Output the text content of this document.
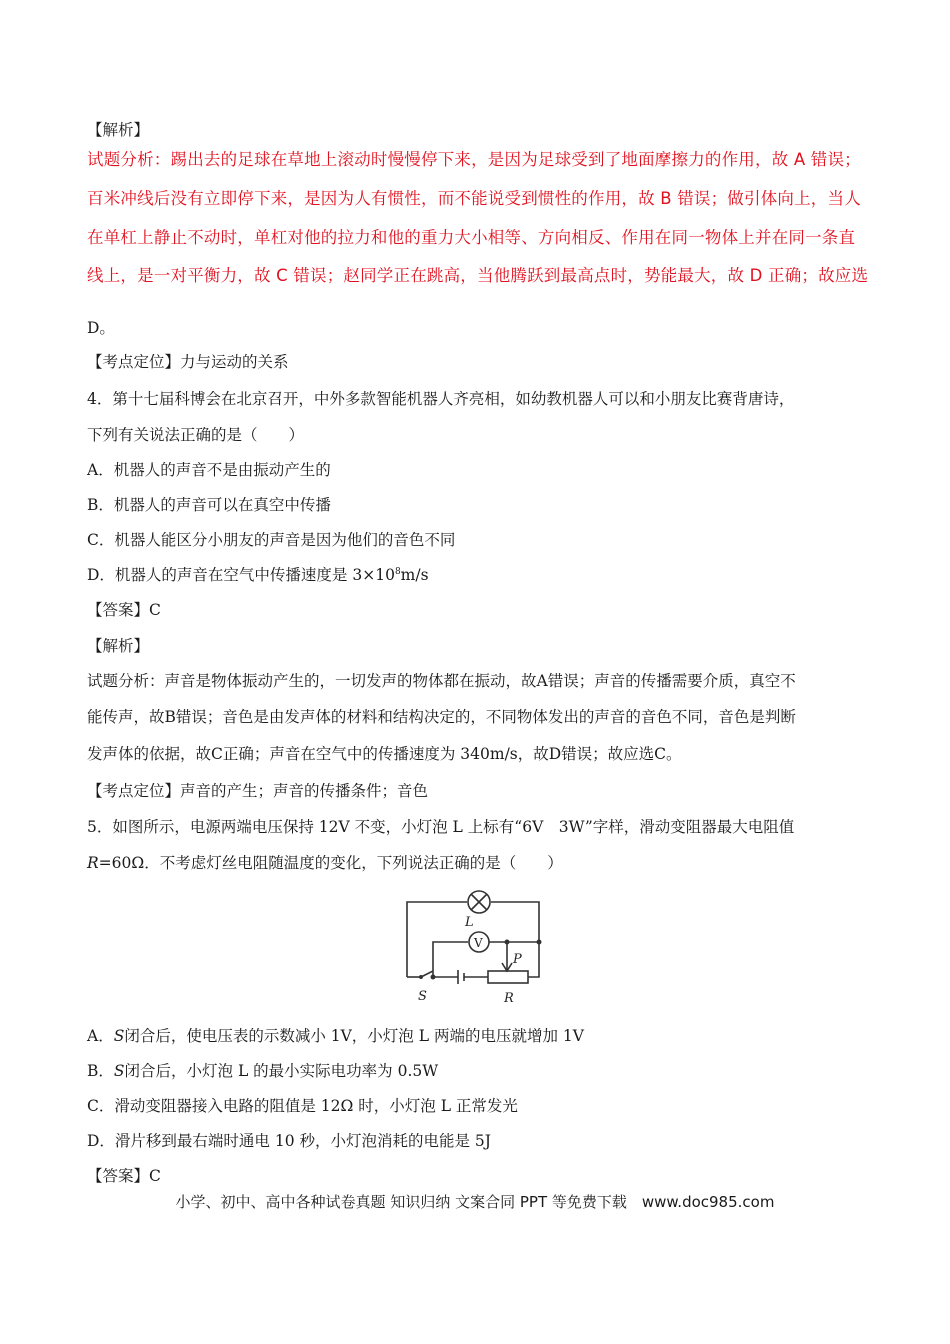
【解析】
试题分析：踢出去的足球在草地上滚动时慢慢停下来，是因为足球受到了地面摩擦力的作用，故 A 错误；
百米冲线后没有立即停下来，是因为人有惯性，而不能说受到惯性的作用，故 B 错误；做引体向上，当人
在单杠上静止不动时，单杠对他的拉力和他的重力大小相等、方向相反、作用在同一物体上并在同一条直
线上，是一对平衡力，故 C 错误；赵同学正在跳高，当他腾跃到最高点时，势能最大，故 D 正确；故应选
D。
【考点定位】力与运动的关系
4．第十七届科博会在北京召开，中外多款智能机器人齐亮相，如幼教机器人可以和小朋友比赛背唐诗，
下列有关说法正确的是（　　）
A．机器人的声音不是由振动产生的
B．机器人的声音可以在真空中传播
C．机器人能区分小朋友的声音是因为他们的音色不同
D．机器人的声音在空气中传播速度是 $3\times 10^8m/s$
【答案】C
【解析】
试题分析：声音是物体振动产生的，一切发声的物体都在振动，故A错误；声音的传播需要介质，真空不
能传声，故B错误；音色是由发声体的材料和结构决定的，不同物体发出的声音的音色不同，音色是判断
发声体的依据，故C正确；声音在空气中的传播速度为 340m/s，故D错误；故应选C。
【考点定位】声音的产生；声音的传播条件；音色
5．如图所示，电源两端电压保持 12V 不变，小灯泡 L 上标有“6V　3W”字样，滑动变阻器最大电阻值
R=60Ω．不考虑灯丝电阻随温度的变化，下列说法正确的是（　　）
L
V
P
S	R
A．S闭合后，使电压表的示数减小 1V，小灯泡 L 两端的电压就增加 1V
B．S闭合后，小灯泡 L 的最小实际电功率为 0.5W
C．滑动变阻器接入电路的阻值是 12Ω 时，小灯泡 L 正常发光
D．滑片移到最右端时通电 10 秒，小灯泡消耗的电能是 5J
【答案】C
小学、初中、高中各种试卷真题 知识归纳 文案合同 PPT 等免费下载　www.doc985.com
